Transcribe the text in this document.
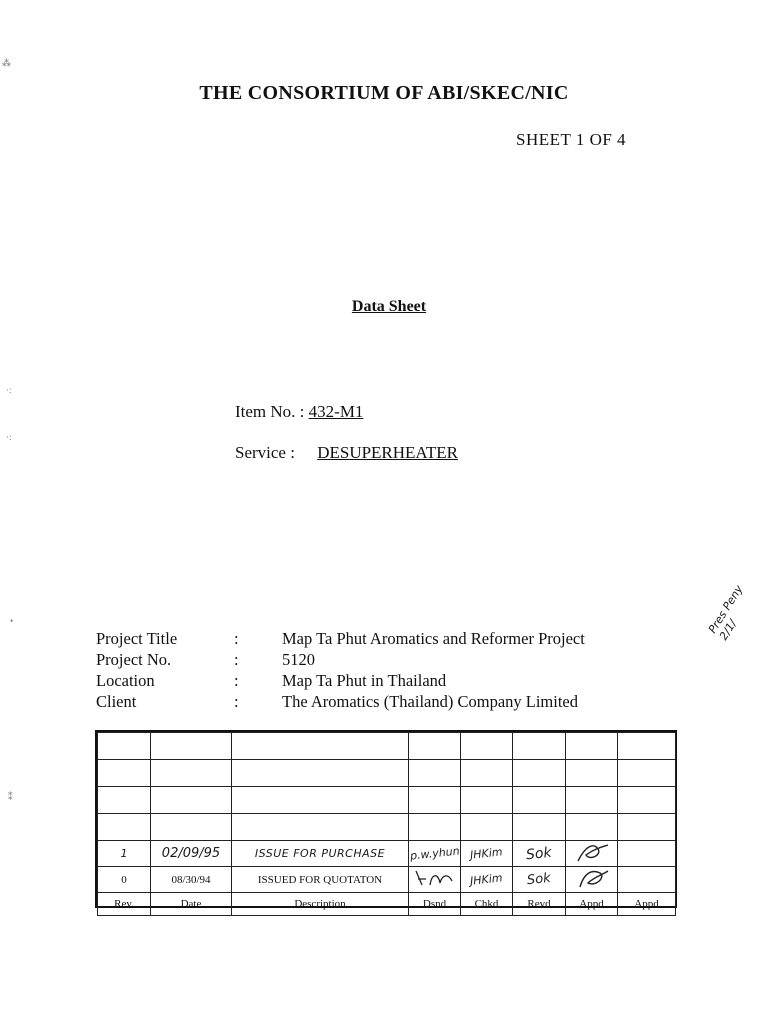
THE CONSORTIUM OF ABI/SKEC/NIC
SHEET 1 OF 4
Data Sheet
Item No. : 432-M1
Service : DESUPERHEATER
Pres Peny 2/1/
Project Title	:	Map Ta Phut Aromatics and Reformer Project
Project No.	:	5120
Location	:	Map Ta Phut in Thailand
Client	:	The Aromatics (Thailand) Company Limited

1	02/09/95	ISSUE FOR PURCHASE	p.w.yhun	JHKim	Sok		
0	08/30/94	ISSUED FOR QUOTATON		JHKim	Sok		
Rev.	Date	Description	Dsnd	Chkd	Revd	Appd	Appd
⁂
·:
·:
•
⁑
